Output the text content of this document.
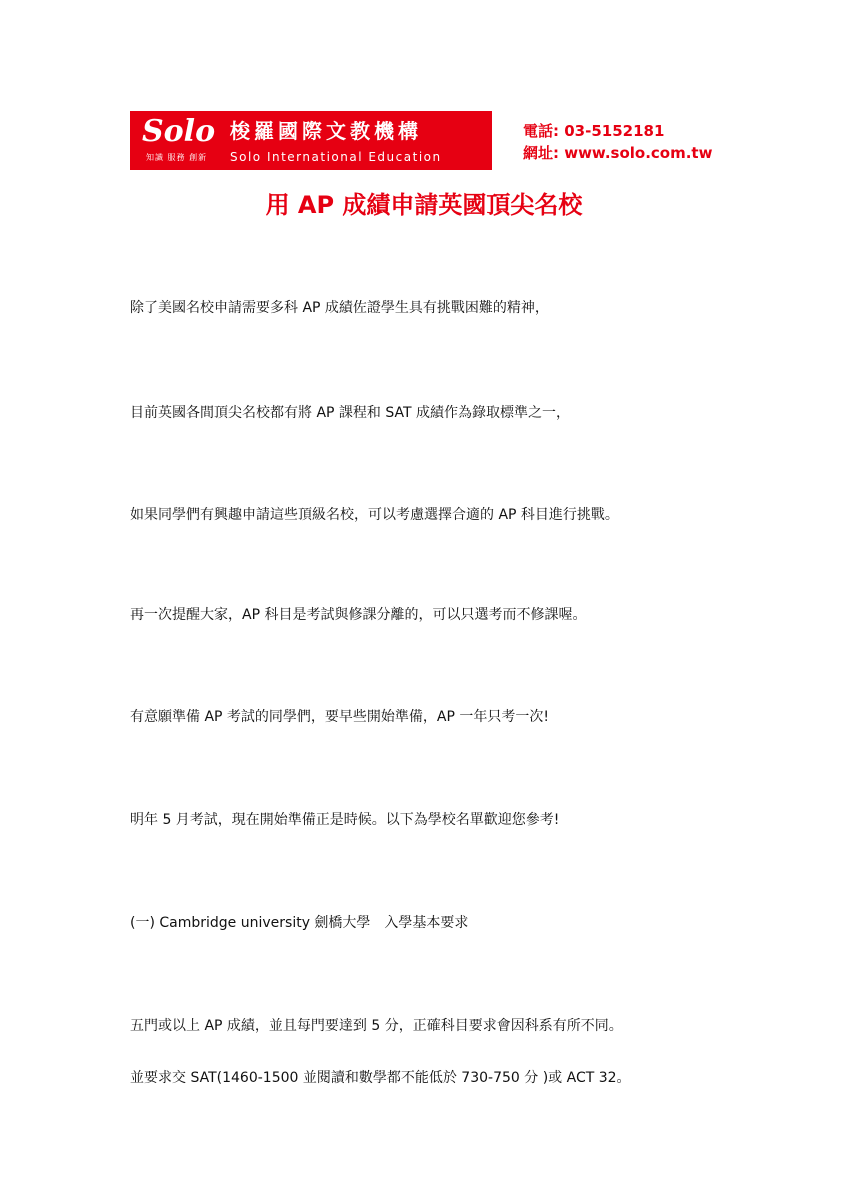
Solo
知識 服務 創新
梭羅國際文教機構
Solo International Education
電話: 03-5152181
網址: www.solo.com.tw
用 AP 成績申請英國頂尖名校
除了美國名校申請需要多科 AP 成績佐證學生具有挑戰困難的精神，
目前英國各間頂尖名校都有將 AP 課程和 SAT 成績作為錄取標準之一，
如果同學們有興趣申請這些頂級名校，可以考慮選擇合適的 AP 科目進行挑戰。
再一次提醒大家，AP 科目是考試與修課分離的，可以只選考而不修課喔。
有意願準備 AP 考試的同學們，要早些開始準備，AP 一年只考一次!
明年 5 月考試，現在開始準備正是時候。以下為學校名單歡迎您參考!
(一) Cambridge university 劍橋大學　入學基本要求
五門或以上 AP 成績，並且每門要達到 5 分，正確科目要求會因科系有所不同。
並要求交 SAT(1460-1500 並閱讀和數學都不能低於 730-750 分 )或 ACT 32。
